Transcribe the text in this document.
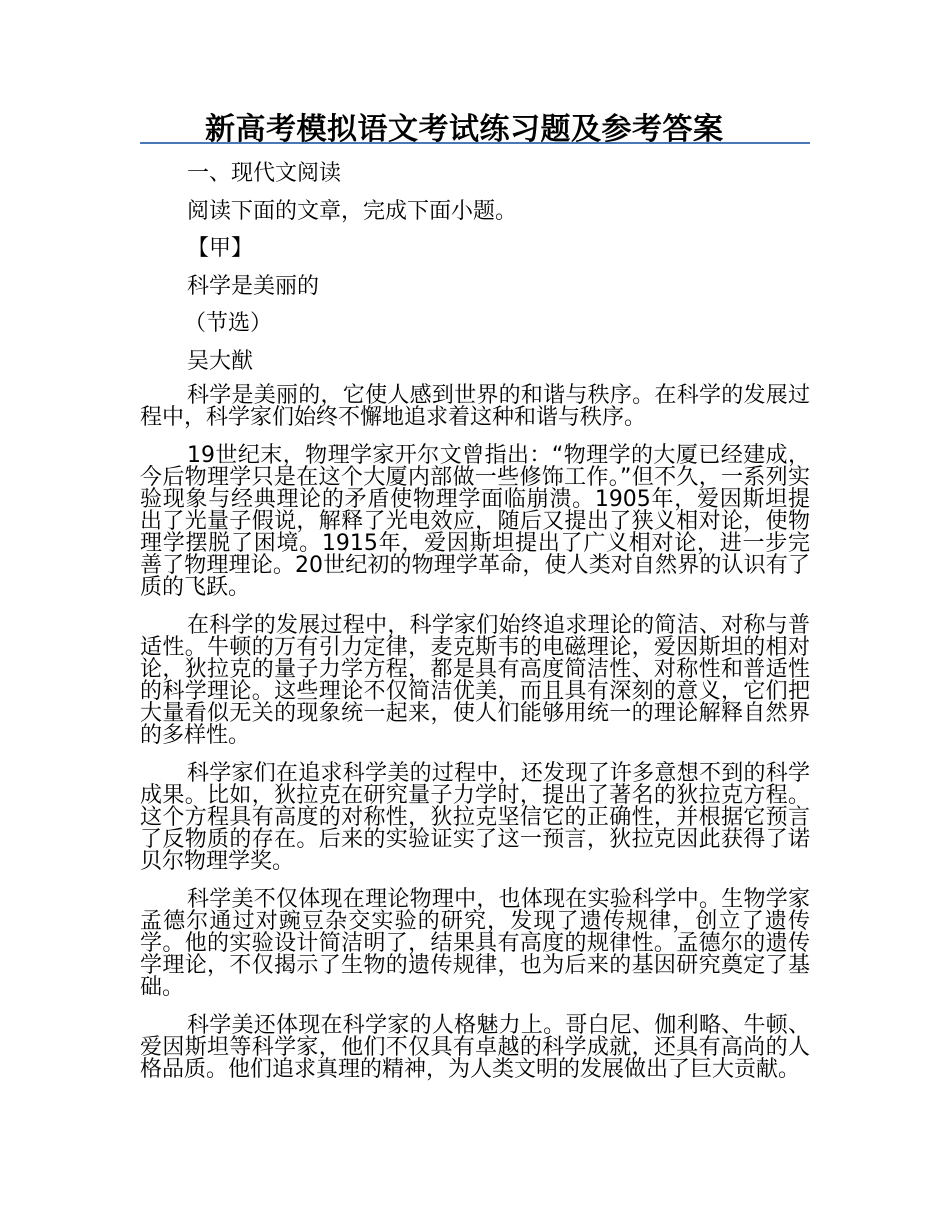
新高考模拟语文考试练习题及参考答案
一、现代文阅读
阅读下面的文章，完成下面小题。
【甲】
科学是美丽的
（节选）
吴大猷

科学是美丽的，它使人感到世界的和谐与秩序。在科学的发展过程中，科学家们始终不懈地追求着这种和谐与秩序。

19世纪末，物理学家开尔文曾指出：“物理学的大厦已经建成，今后物理学只是在这个大厦内部做一些修饰工作。”但不久，一系列实验现象与经典理论的矛盾使物理学面临崩溃。1905年，爱因斯坦提出了光量子假说，解释了光电效应，随后又提出了狭义相对论，使物理学摆脱了困境。1915年，爱因斯坦提出了广义相对论，进一步完善了物理理论。20世纪初的物理学革命，使人类对自然界的认识有了质的飞跃。

在科学的发展过程中，科学家们始终追求理论的简洁、对称与普适性。牛顿的万有引力定律，麦克斯韦的电磁理论，爱因斯坦的相对论，狄拉克的量子力学方程，都是具有高度简洁性、对称性和普适性的科学理论。这些理论不仅简洁优美，而且具有深刻的意义，它们把大量看似无关的现象统一起来，使人们能够用统一的理论解释自然界的多样性。

科学家们在追求科学美的过程中，还发现了许多意想不到的科学成果。比如，狄拉克在研究量子力学时，提出了著名的狄拉克方程。这个方程具有高度的对称性，狄拉克坚信它的正确性，并根据它预言了反物质的存在。后来的实验证实了这一预言，狄拉克因此获得了诺贝尔物理学奖。

科学美不仅体现在理论物理中，也体现在实验科学中。生物学家孟德尔通过对豌豆杂交实验的研究，发现了遗传规律，创立了遗传学。他的实验设计简洁明了，结果具有高度的规律性。孟德尔的遗传学理论，不仅揭示了生物的遗传规律，也为后来的基因研究奠定了基础。

科学美还体现在科学家的人格魅力上。哥白尼、伽利略、牛顿、爱因斯坦等科学家，他们不仅具有卓越的科学成就，还具有高尚的人格品质。他们追求真理的精神，为人类文明的发展做出了巨大贡献。
